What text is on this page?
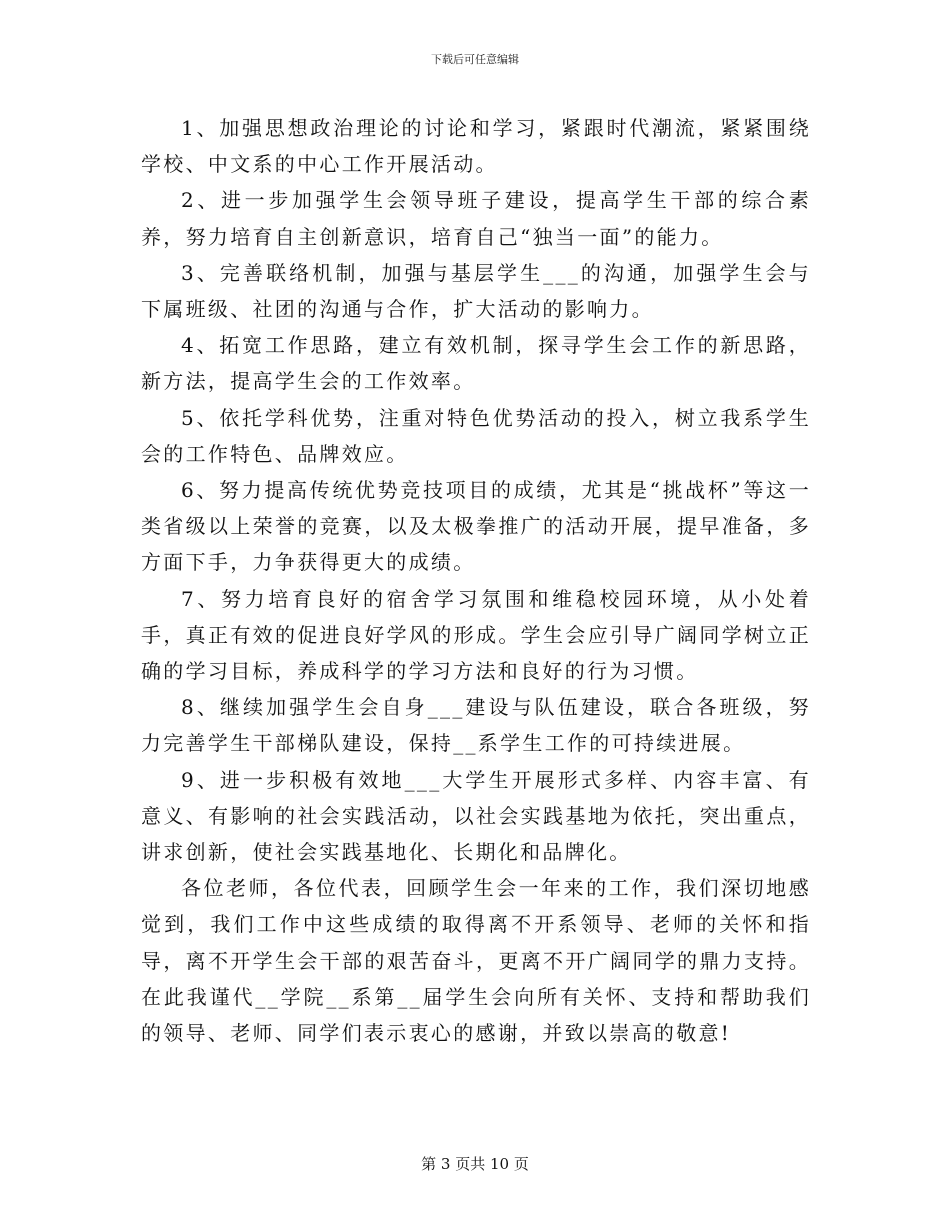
下载后可任意编辑

1、加强思想政治理论的讨论和学习，紧跟时代潮流，紧紧围绕学校、中文系的中心工作开展活动。

2、进一步加强学生会领导班子建设，提高学生干部的综合素养，努力培育自主创新意识，培育自己“独当一面”的能力。

3、完善联络机制，加强与基层学生___的沟通，加强学生会与下属班级、社团的沟通与合作，扩大活动的影响力。

4、拓宽工作思路，建立有效机制，探寻学生会工作的新思路，新方法，提高学生会的工作效率。

5、依托学科优势，注重对特色优势活动的投入，树立我系学生会的工作特色、品牌效应。

6、努力提高传统优势竞技项目的成绩，尤其是“挑战杯”等这一类省级以上荣誉的竞赛，以及太极拳推广的活动开展，提早准备，多方面下手，力争获得更大的成绩。

7、努力培育良好的宿舍学习氛围和维稳校园环境，从小处着手，真正有效的促进良好学风的形成。学生会应引导广阔同学树立正确的学习目标，养成科学的学习方法和良好的行为习惯。

8、继续加强学生会自身___建设与队伍建设，联合各班级，努力完善学生干部梯队建设，保持__系学生工作的可持续进展。

9、进一步积极有效地___大学生开展形式多样、内容丰富、有意义、有影响的社会实践活动，以社会实践基地为依托，突出重点，讲求创新，使社会实践基地化、长期化和品牌化。

各位老师，各位代表，回顾学生会一年来的工作，我们深切地感觉到，我们工作中这些成绩的取得离不开系领导、老师的关怀和指导，离不开学生会干部的艰苦奋斗，更离不开广阔同学的鼎力支持。在此我谨代__学院__系第__届学生会向所有关怀、支持和帮助我们的领导、老师、同学们表示衷心的感谢，并致以崇高的敬意!

第 3 页共 10 页
